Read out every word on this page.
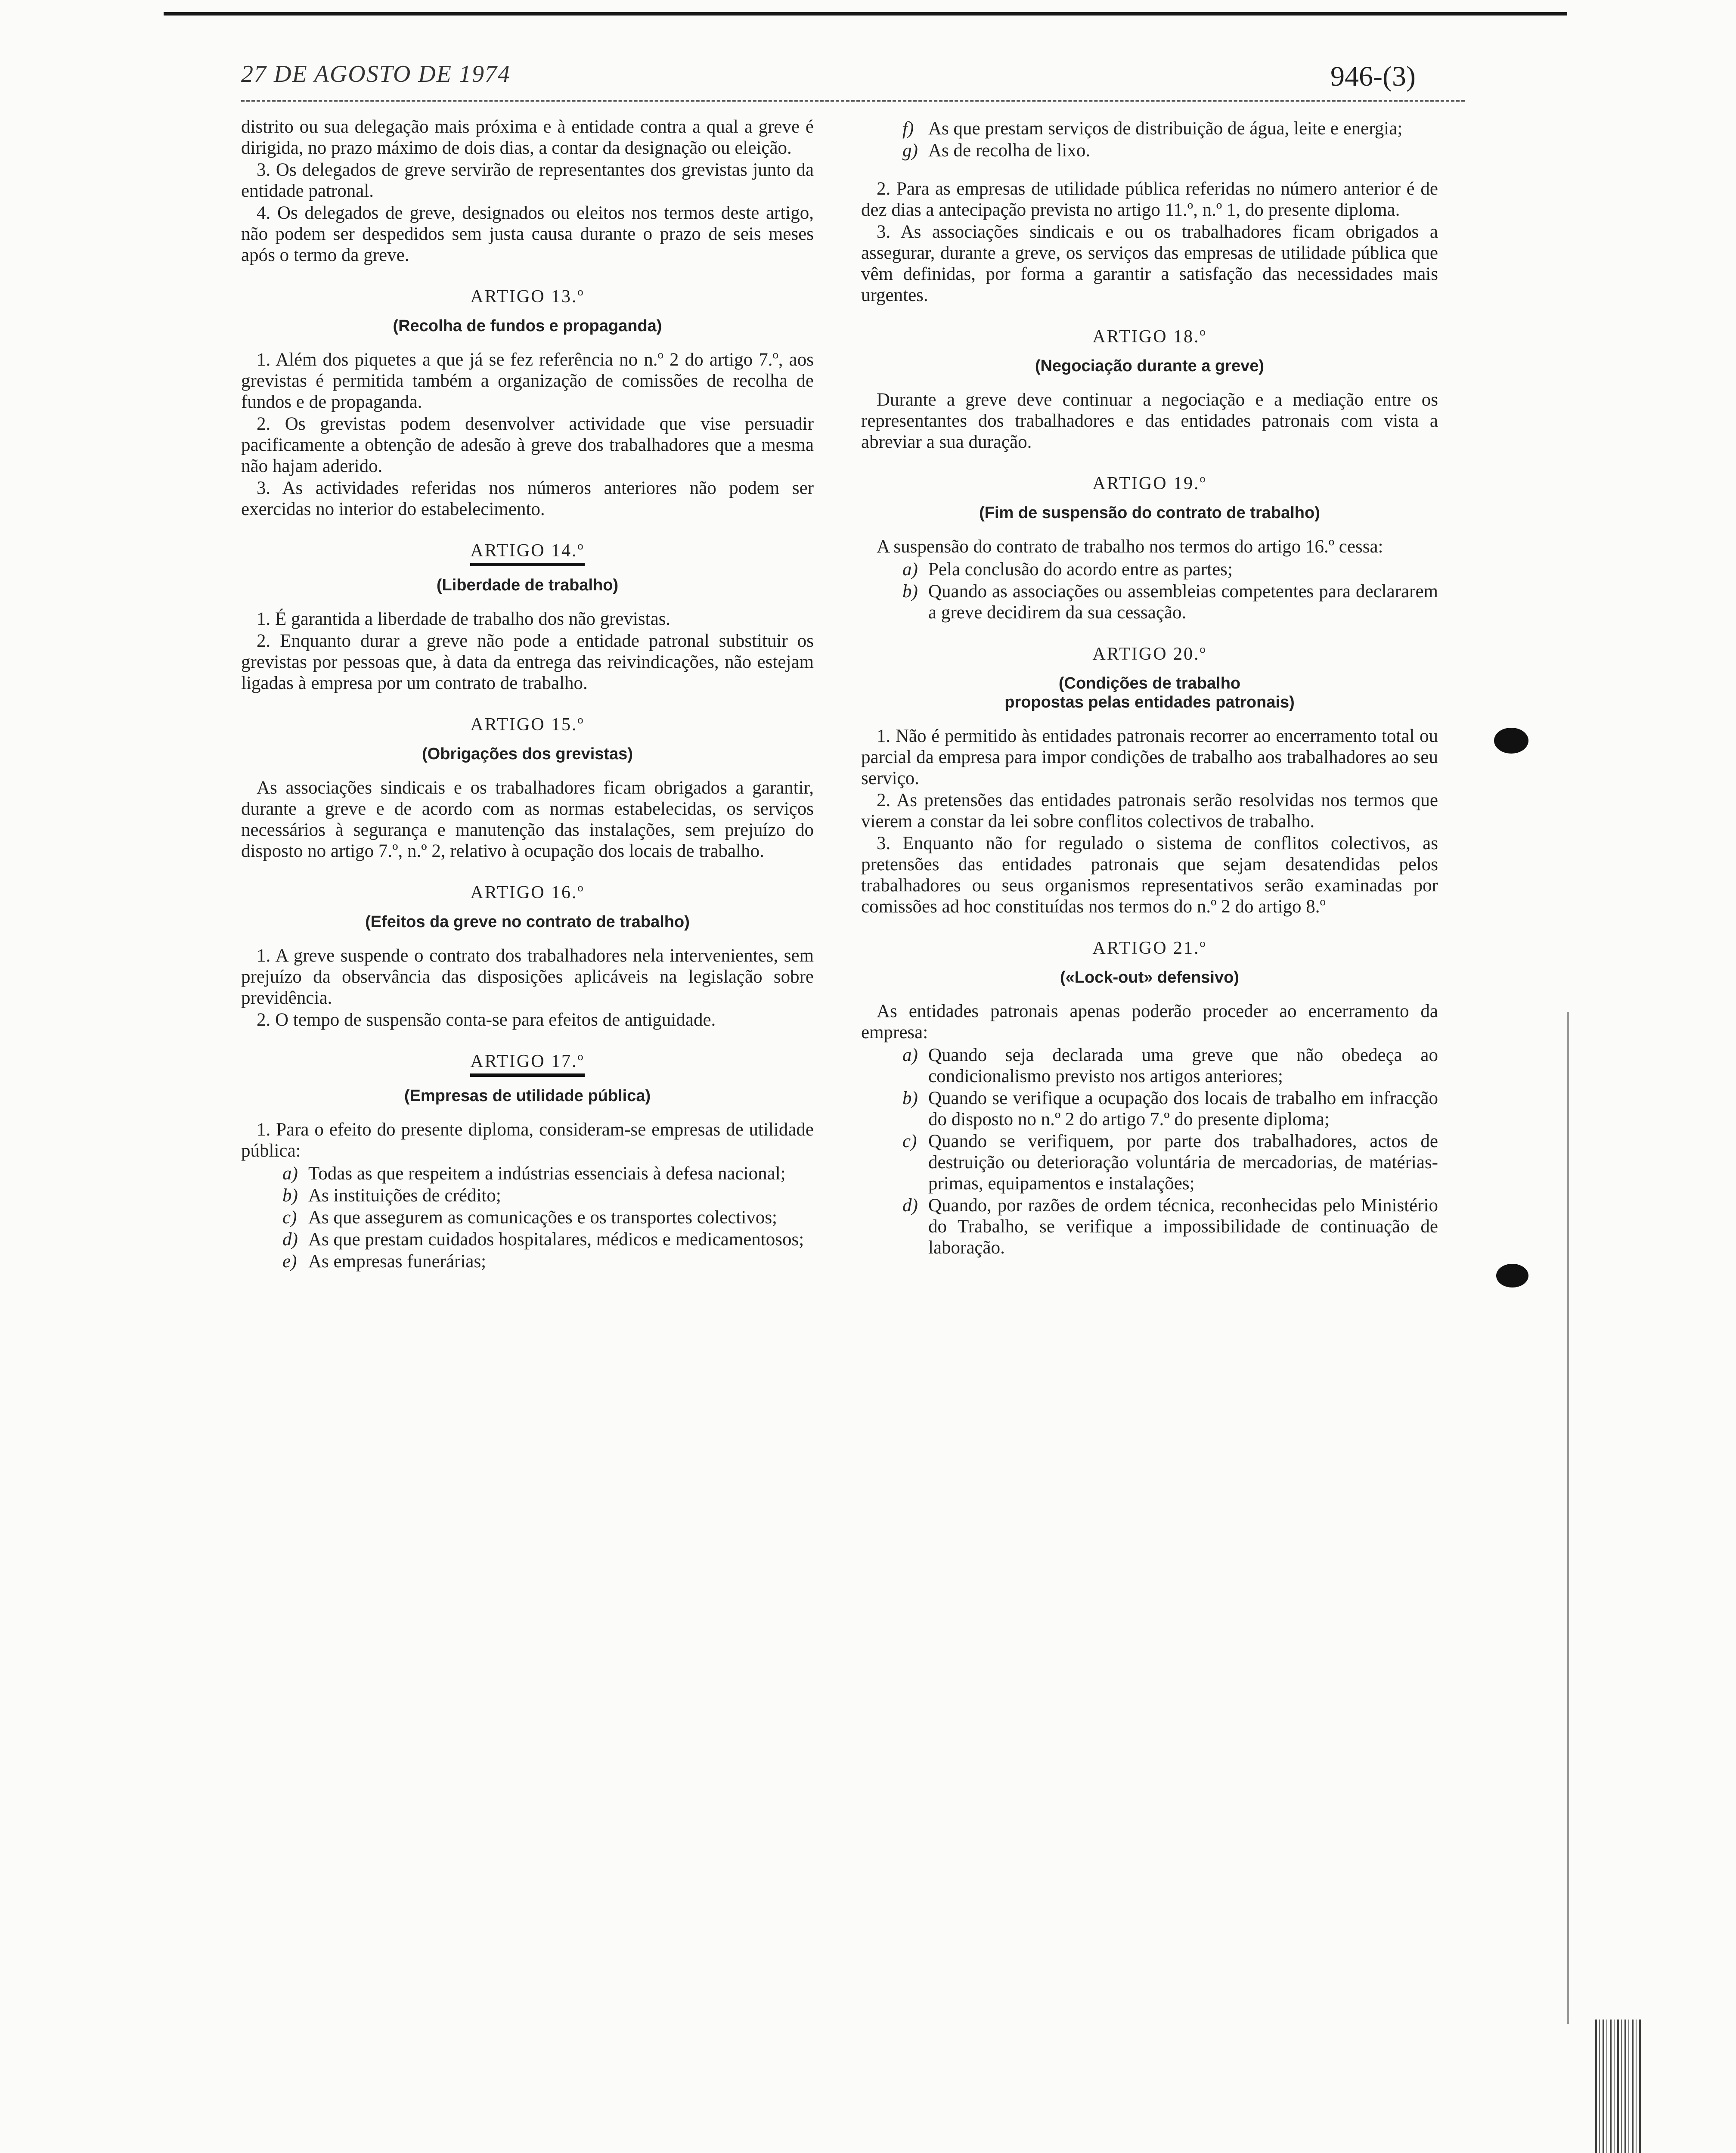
27 DE AGOSTO DE 1974	946-(3)

distrito ou sua delegação mais próxima e à entidade contra a qual a greve é dirigida, no prazo máximo de dois dias, a contar da designação ou eleição.

3. Os delegados de greve servirão de representantes dos grevistas junto da entidade patronal.

4. Os delegados de greve, designados ou eleitos nos termos deste artigo, não podem ser despedidos sem justa causa durante o prazo de seis meses após o termo da greve.

ARTIGO 13.º
(Recolha de fundos e propaganda)

1. Além dos piquetes a que já se fez referência no n.º 2 do artigo 7.º, aos grevistas é permitida também a organização de comissões de recolha de fundos e de propaganda.

2. Os grevistas podem desenvolver actividade que vise persuadir pacificamente a obtenção de adesão à greve dos trabalhadores que a mesma não hajam aderido.

3. As actividades referidas nos números anteriores não podem ser exercidas no interior do estabelecimento.

ARTIGO 14.º
(Liberdade de trabalho)

1. É garantida a liberdade de trabalho dos não grevistas.

2. Enquanto durar a greve não pode a entidade patronal substituir os grevistas por pessoas que, à data da entrega das reivindicações, não estejam ligadas à empresa por um contrato de trabalho.

ARTIGO 15.º
(Obrigações dos grevistas)

As associações sindicais e os trabalhadores ficam obrigados a garantir, durante a greve e de acordo com as normas estabelecidas, os serviços necessários à segurança e manutenção das instalações, sem prejuízo do disposto no artigo 7.º, n.º 2, relativo à ocupação dos locais de trabalho.

ARTIGO 16.º
(Efeitos da greve no contrato de trabalho)

1. A greve suspende o contrato dos trabalhadores nela intervenientes, sem prejuízo da observância das disposições aplicáveis na legislação sobre previdência.

2. O tempo de suspensão conta-se para efeitos de antiguidade.

ARTIGO 17.º
(Empresas de utilidade pública)

1. Para o efeito do presente diploma, consideram-se empresas de utilidade pública:

a) Todas as que respeitem a indústrias essenciais à defesa nacional;

b) As instituições de crédito;

c) As que assegurem as comunicações e os transportes colectivos;

d) As que prestam cuidados hospitalares, médicos e medicamentosos;

e) As empresas funerárias;

f) As que prestam serviços de distribuição de água, leite e energia;

g) As de recolha de lixo.

2. Para as empresas de utilidade pública referidas no número anterior é de dez dias a antecipação prevista no artigo 11.º, n.º 1, do presente diploma.

3. As associações sindicais e ou os trabalhadores ficam obrigados a assegurar, durante a greve, os serviços das empresas de utilidade pública que vêm definidas, por forma a garantir a satisfação das necessidades mais urgentes.

ARTIGO 18.º
(Negociação durante a greve)

Durante a greve deve continuar a negociação e a mediação entre os representantes dos trabalhadores e das entidades patronais com vista a abreviar a sua duração.

ARTIGO 19.º
(Fim de suspensão do contrato de trabalho)

A suspensão do contrato de trabalho nos termos do artigo 16.º cessa:

a) Pela conclusão do acordo entre as partes;

b) Quando as associações ou assembleias competentes para declararem a greve decidirem da sua cessação.

ARTIGO 20.º
(Condições de trabalho
propostas pelas entidades patronais)

1. Não é permitido às entidades patronais recorrer ao encerramento total ou parcial da empresa para impor condições de trabalho aos trabalhadores ao seu serviço.

2. As pretensões das entidades patronais serão resolvidas nos termos que vierem a constar da lei sobre conflitos colectivos de trabalho.

3. Enquanto não for regulado o sistema de conflitos colectivos, as pretensões das entidades patronais que sejam desatendidas pelos trabalhadores ou seus organismos representativos serão examinadas por comissões ad hoc constituídas nos termos do n.º 2 do artigo 8.º

ARTIGO 21.º
(«Lock-out» defensivo)

As entidades patronais apenas poderão proceder ao encerramento da empresa:

a) Quando seja declarada uma greve que não obedeça ao condicionalismo previsto nos artigos anteriores;

b) Quando se verifique a ocupação dos locais de trabalho em infracção do disposto no n.º 2 do artigo 7.º do presente diploma;

c) Quando se verifiquem, por parte dos trabalhadores, actos de destruição ou deterioração voluntária de mercadorias, de matérias-primas, equipamentos e instalações;

d) Quando, por razões de ordem técnica, reconhecidas pelo Ministério do Trabalho, se verifique a impossibilidade de continuação de laboração.
